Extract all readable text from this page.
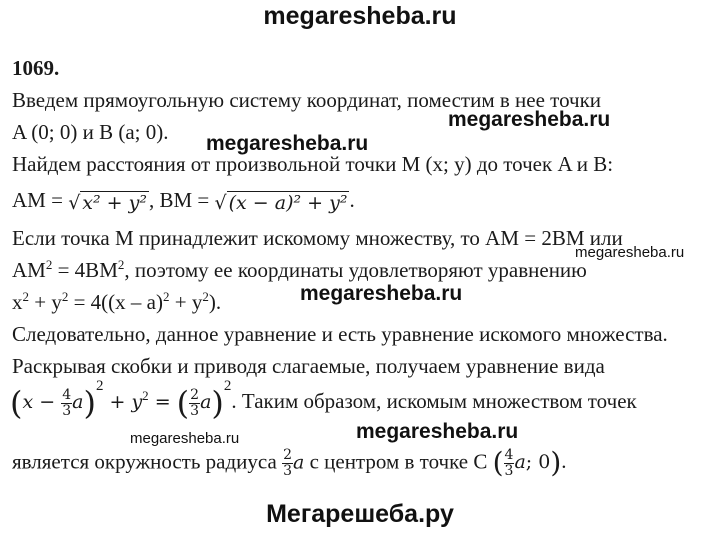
megaresheba.ru
1069.
Введем прямоугольную систему координат, поместим в нее точки
A (0; 0) и B (a; 0). megaresheba.ru
megaresheba.ru
Найдем расстояния от произвольной точки M (x; y) до точек A и B:
AM = √ x² + y², BM = √ (x − a)² + y².
Если точка M принадлежит искомому множеству, то AM = 2BM или
megaresheba.ru
$AM^2 = 4BM^2$, поэтому ее координаты удовлетворяют уравнению
$x^2 + y^2 = 4((x - a)^2 + y^2)$.	megaresheba.ru
Следовательно, данное уравнение и есть уравнение искомого множества.
Раскрывая скобки и приводя слагаемые, получаем уравнение вида
$(x - \frac{4}{3} a)^2 + y^2$ = ( $\frac{2}{3} a)^2$. Таким образом, искомым множеством точек
megaresheba.ru	megaresheba.ru
является окружность радиуса $\frac{2}{3}$ a с центром в точке C ( $\frac{4}{3} a$; 0).
Мегарешеба.ру
